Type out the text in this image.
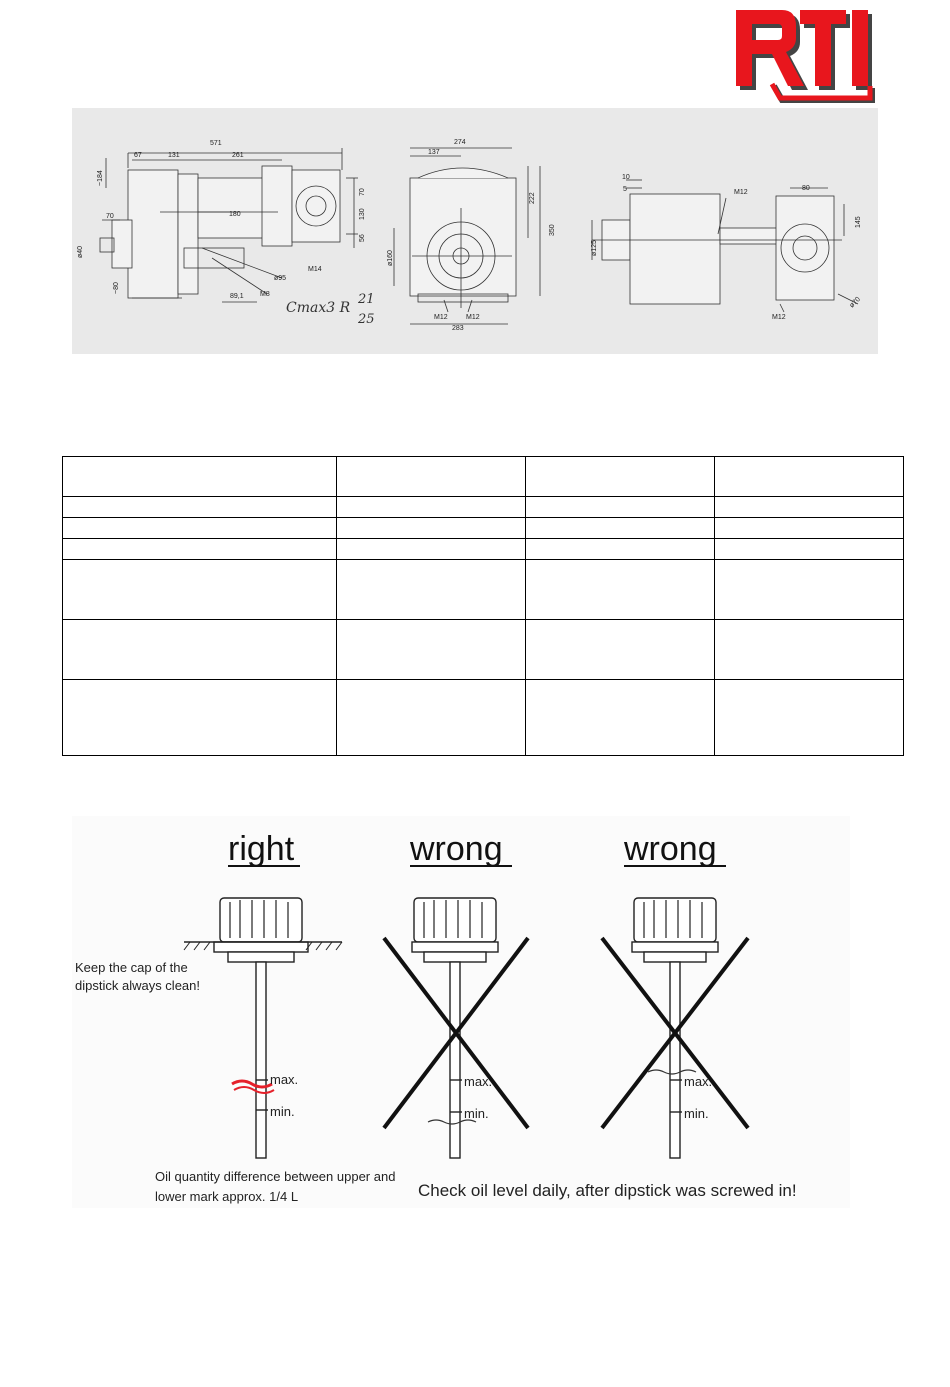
571
67	131	261
~184
70	180	130
70
56
ø40
~80
89,1
ø95
M8
M14
Cmax3 R
21
25
274
137
222
350
ø160
283
M12	M12
10
5
ø125
M12
M12
80
145
ø70

right	wrong	wrong
Keep the cap of the
dipstick always clean!
max.
min.
max.
min.
max.
min.
Oil quantity difference between upper and
lower mark approx. 1/4 L	Check oil level daily, after dipstick was screwed in!
